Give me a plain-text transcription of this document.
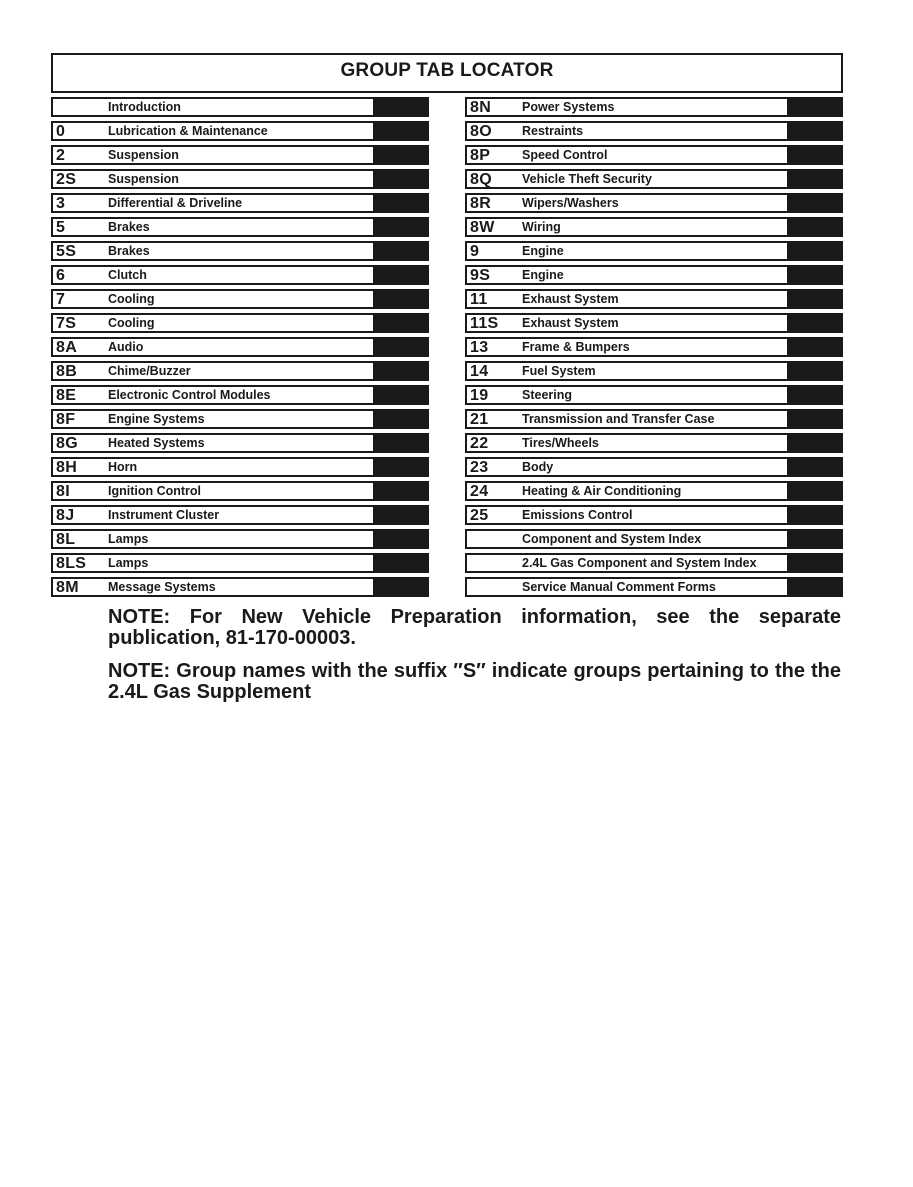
GROUP TAB LOCATOR
Introduction
0	Lubrication & Maintenance
2	Suspension
2S	Suspension
3	Differential & Driveline
5	Brakes
5S	Brakes
6	Clutch
7	Cooling
7S	Cooling
8A Audio
8B Chime/Buzzer
8E	Electronic Control Modules
8F	Engine Systems
8G Heated Systems
8H Horn
8I	Ignition Control
8J	Instrument Cluster
8L	Lamps
8LS Lamps
8M Message Systems
8N Power Systems
8O Restraints
8P	Speed Control
8Q Vehicle Theft Security
8R Wipers/Washers
8W Wiring
9	Engine
9S	Engine
11	Exhaust System
11S Exhaust System
13	Frame & Bumpers
14	Fuel System
19	Steering
21	Transmission and Transfer Case
22	Tires/Wheels
23	Body
24	Heating & Air Conditioning
25	Emissions Control
Component and System Index
2.4L Gas Component and System Index
Service Manual Comment Forms

NOTE: For New Vehicle Preparation information, see the separate publication, 81-170-00003.

NOTE: Group names with the suffix ″S″ indicate groups pertaining to the the 2.4L Gas Supplement
